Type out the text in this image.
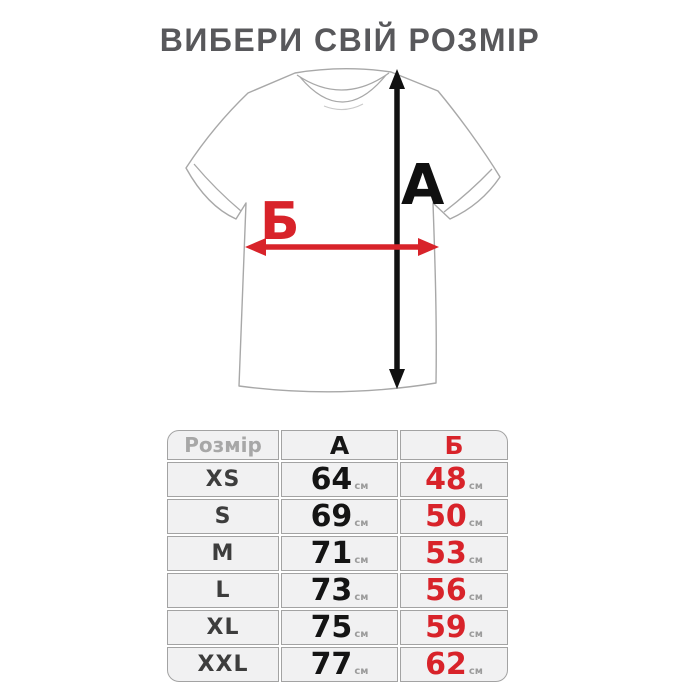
ВИБЕРИ СВІЙ РОЗМІР
А
Б
Розмір	А	Б
XS	64 см 48 см
S	69 см 50 см
M	71 см 53 см
L	73 см 56 см
XL	75 см 59 см
XXL	77 см 62 см
